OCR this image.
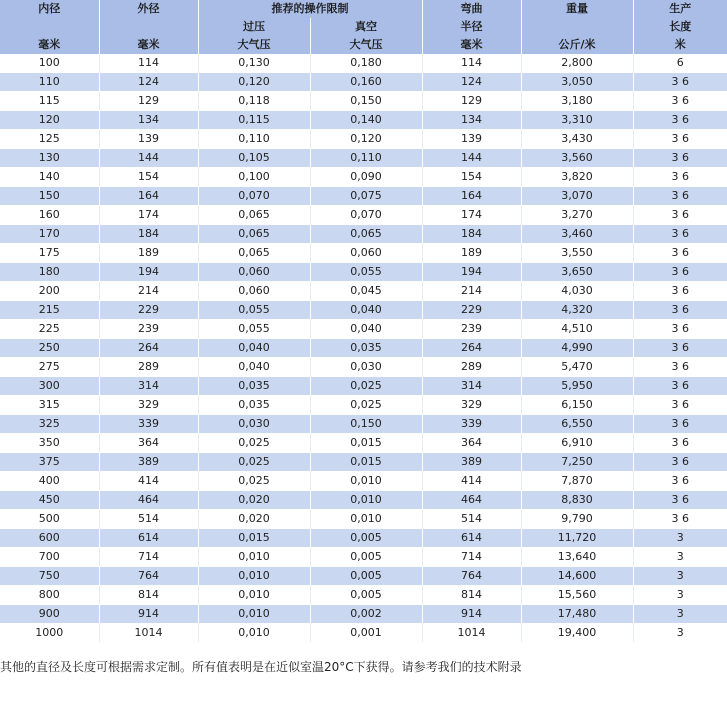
内径	外径	推荐的操作限制		弯曲	重量	生产
		过压	真空	半径		长度
毫米	毫米	大气压	大气压	毫米	公斤/米	米
100	114	0,130	0,180	114	2,800	6
110	124	0,120	0,160	124	3,050	3 6
115	129	0,118	0,150	129	3,180	3 6
120	134	0,115	0,140	134	3,310	3 6
125	139	0,110	0,120	139	3,430	3 6
130	144	0,105	0,110	144	3,560	3 6
140	154	0,100	0,090	154	3,820	3 6
150	164	0,070	0,075	164	3,070	3 6
160	174	0,065	0,070	174	3,270	3 6
170	184	0,065	0,065	184	3,460	3 6
175	189	0,065	0,060	189	3,550	3 6
180	194	0,060	0,055	194	3,650	3 6
200	214	0,060	0,045	214	4,030	3 6
215	229	0,055	0,040	229	4,320	3 6
225	239	0,055	0,040	239	4,510	3 6
250	264	0,040	0,035	264	4,990	3 6
275	289	0,040	0,030	289	5,470	3 6
300	314	0,035	0,025	314	5,950	3 6
315	329	0,035	0,025	329	6,150	3 6
325	339	0,030	0,150	339	6,550	3 6
350	364	0,025	0,015	364	6,910	3 6
375	389	0,025	0,015	389	7,250	3 6
400	414	0,025	0,010	414	7,870	3 6
450	464	0,020	0,010	464	8,830	3 6
500	514	0,020	0,010	514	9,790	3 6
600	614	0,015	0,005	614	11,720	3
700	714	0,010	0,005	714	13,640	3
750	764	0,010	0,005	764	14,600	3
800	814	0,010	0,005	814	15,560	3
900	914	0,010	0,002	914	17,480	3
1000	1014	0,010	0,001	1014	19,400	3

其他的直径及长度可根据需求定制。所有值表明是在近似室温20°C下获得。请参考我们的技术附录
